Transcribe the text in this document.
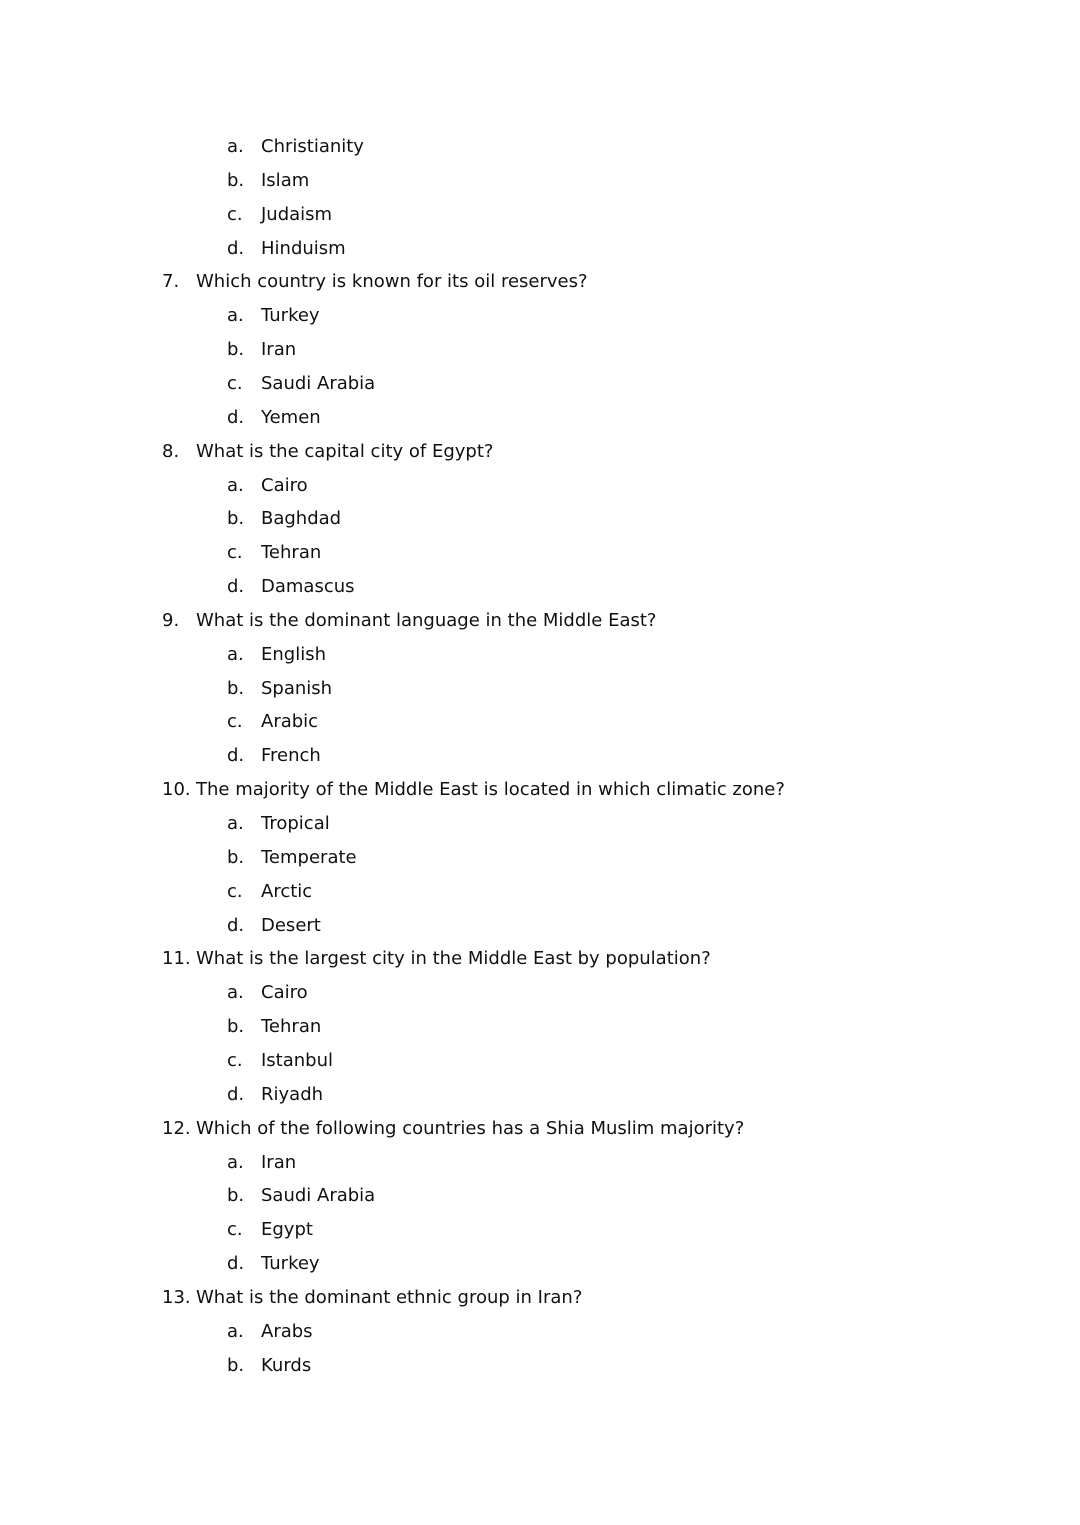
a. Christianity
b. Islam
c. Judaism
d. Hinduism
7. Which country is known for its oil reserves?
a. Turkey
b. Iran
c. Saudi Arabia
d. Yemen
8. What is the capital city of Egypt?
a. Cairo
b. Baghdad
c. Tehran
d. Damascus
9. What is the dominant language in the Middle East?
a. English
b. Spanish
c. Arabic
d. French
10. The majority of the Middle East is located in which climatic zone?
a. Tropical
b. Temperate
c. Arctic
d. Desert
11. What is the largest city in the Middle East by population?
a. Cairo
b. Tehran
c. Istanbul
d. Riyadh
12. Which of the following countries has a Shia Muslim majority?
a. Iran
b. Saudi Arabia
c. Egypt
d. Turkey
13. What is the dominant ethnic group in Iran?
a. Arabs
b. Kurds
